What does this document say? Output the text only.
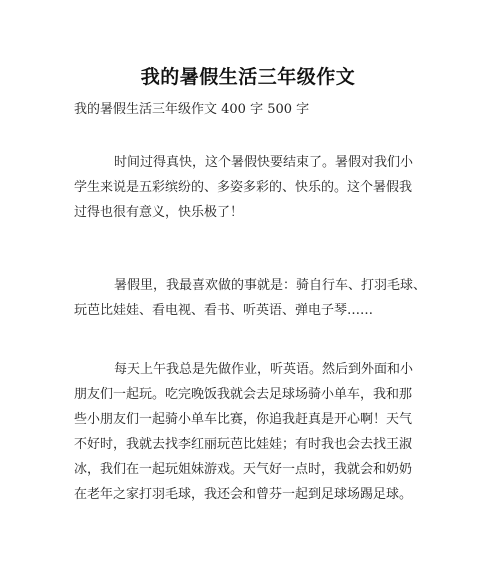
我的暑假生活三年级作文
我的暑假生活三年级作文 400 字 500 字
时间过得真快，这个暑假快要结束了。暑假对我们小
学生来说是五彩缤纷的、多姿多彩的、快乐的。这个暑假我
过得也很有意义，快乐极了！
暑假里，我最喜欢做的事就是：骑自行车、打羽毛球、
玩芭比娃娃、看电视、看书、听英语、弹电子琴……
每天上午我总是先做作业，听英语。然后到外面和小
朋友们一起玩。吃完晚饭我就会去足球场骑小单车，我和那
些小朋友们一起骑小单车比赛，你追我赶真是开心啊！天气
不好时，我就去找李红丽玩芭比娃娃；有时我也会去找王淑
冰，我们在一起玩姐妹游戏。天气好一点时，我就会和奶奶
在老年之家打羽毛球，我还会和曾芬一起到足球场踢足球。
